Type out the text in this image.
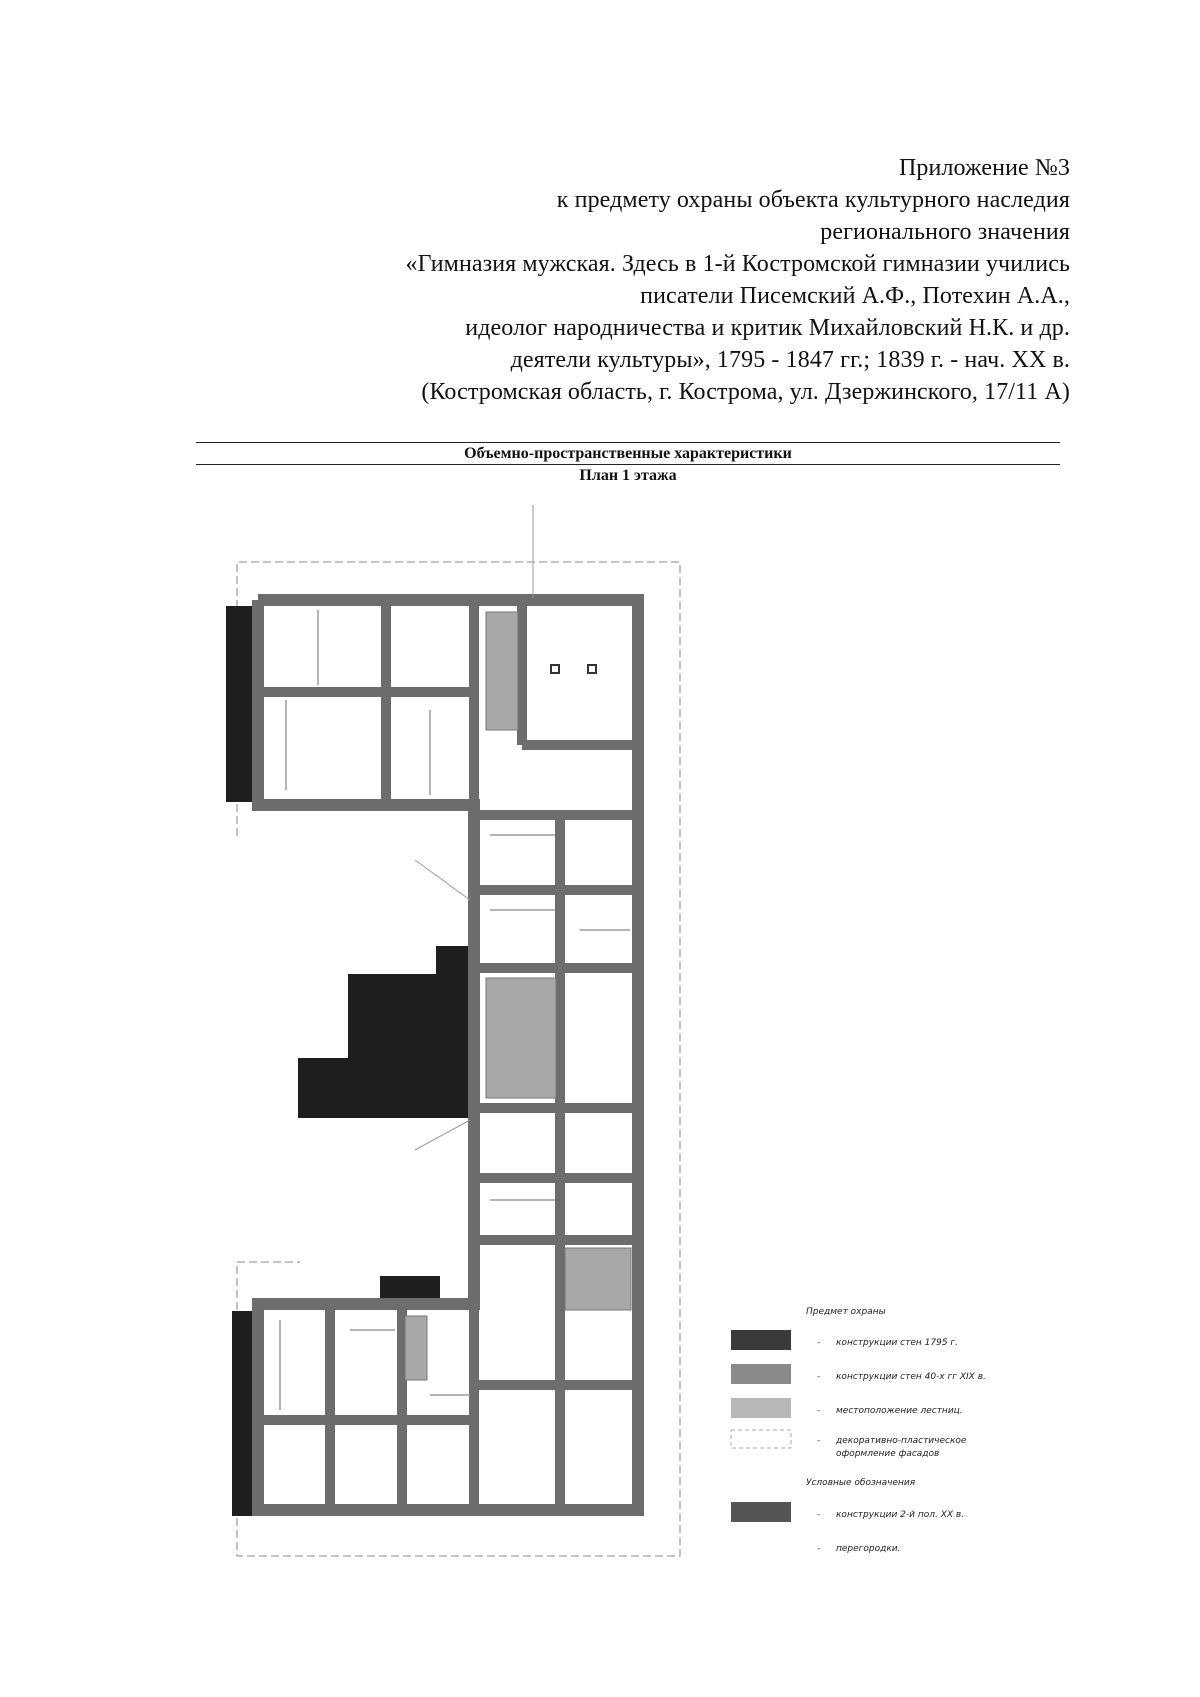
Приложение №3
к предмету охраны объекта культурного наследия
регионального значения
«Гимназия мужская. Здесь в 1-й Костромской гимназии учились
писатели Писемский А.Ф., Потехин А.А.,
идеолог народничества и критик Михайловский Н.К. и др.
деятели культуры», 1795 - 1847 гг.; 1839 г. - нач. XX в.
(Костромская область, г. Кострома, ул. Дзержинского, 17/11 А)
Объемно-пространственные характеристики
План 1 этажа
Предмет охраны
- конструкции стен 1795 г.
- конструкции стен 40-х гг XIX в.
- местоположение лестниц.
- декоративно-пластическое оформление фасадов
Условные обозначения
- конструкции 2-й пол. XX в.
- перегородки.
